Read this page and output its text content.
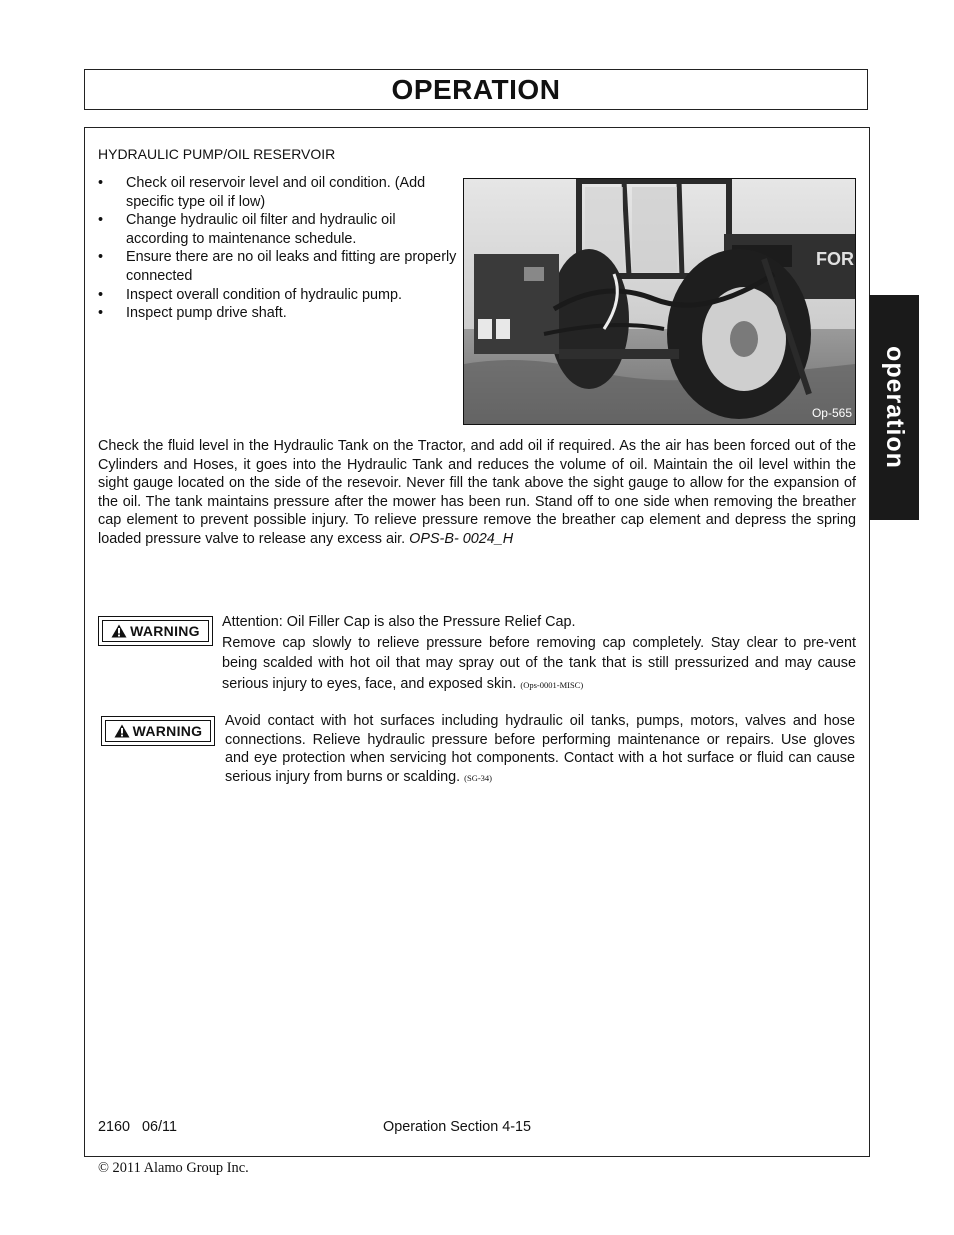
OPERATION
operation
HYDRAULIC PUMP/OIL RESERVOIR
• Check oil reservoir level and oil condition. (Add specific type oil if low)
• Change hydraulic oil filter and hydraulic oil according to maintenance schedule.
• Ensure there are no oil leaks and fitting are properly connected
• Inspect overall condition of hydraulic pump.
• Inspect pump drive shaft.
FOR
Op-565

Check the fluid level in the Hydraulic Tank on the Tractor, and add oil if required. As the air has been forced out of the Cylinders and Hoses, it goes into the Hydraulic Tank and reduces the volume of oil. Maintain the oil level within the sight gauge located on the side of the resevoir. Never fill the tank above the sight gauge to allow for the expansion of the oil. The tank maintains pressure after the mower has been run. Stand off to one side when removing the breather cap element to prevent possible injury. To relieve pressure remove the breather cap element and depress the spring loaded pressure valve to release any excess air. OPS-B- 0024_H

WARNING
Attention: Oil Filler Cap is also the Pressure Relief Cap.
Remove cap slowly to relieve pressure before removing cap completely. Stay clear to pre-vent being scalded with hot oil that may spray out of the tank that is still pressurized and may cause serious injury to eyes, face, and exposed skin. (Ops-0001-MISC)
WARNING
Avoid contact with hot surfaces including hydraulic oil tanks, pumps, motors, valves and hose connections. Relieve hydraulic pressure before performing maintenance or repairs. Use gloves and eye protection when servicing hot components. Contact with a hot surface or fluid can cause serious injury from burns or scalding. (SG-34)
2160   06/11	Operation Section 4-15
© 2011 Alamo Group Inc.
